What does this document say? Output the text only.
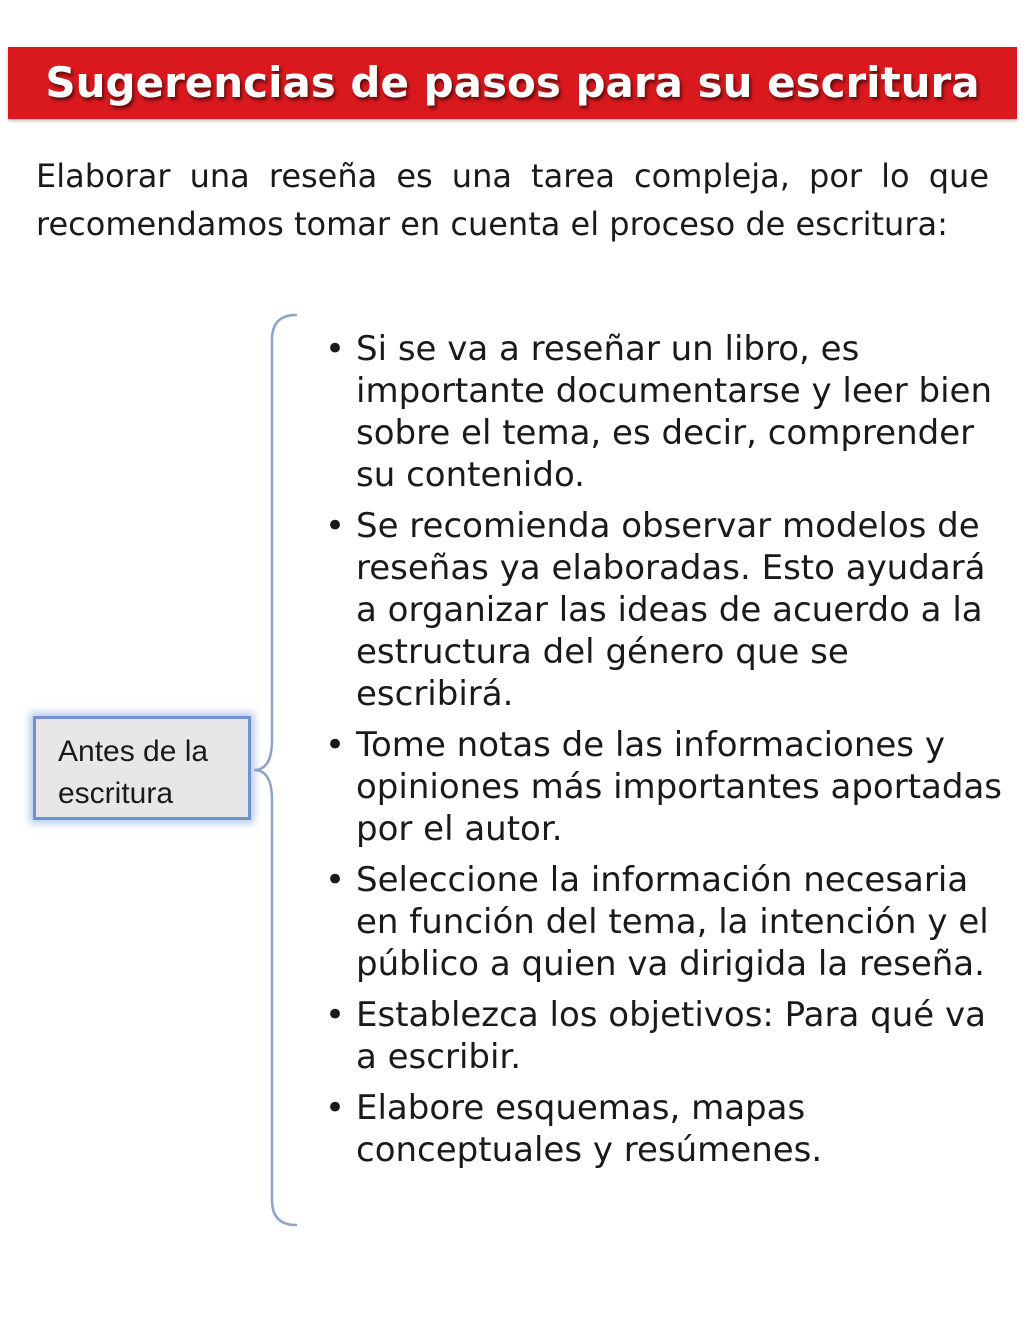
Sugerencias de pasos para su escritura
Elaborar una reseña es una tarea compleja, por lo que recomendamos tomar en cuenta el proceso de escritura:
Antes de la escritura
• Si se va a reseñar un libro, es importante documentarse y leer bien sobre el tema, es decir, comprender su contenido.
• Se recomienda observar modelos de reseñas ya elaboradas. Esto ayudará a organizar las ideas de acuerdo a la estructura del género que se escribirá.
• Tome notas de las informaciones y opiniones más importantes aportadas por el autor.
• Seleccione la información necesaria en función del tema, la intención y el público a quien va dirigida la reseña.
• Establezca los objetivos: Para qué va a escribir.
• Elabore esquemas, mapas conceptuales y resúmenes.
